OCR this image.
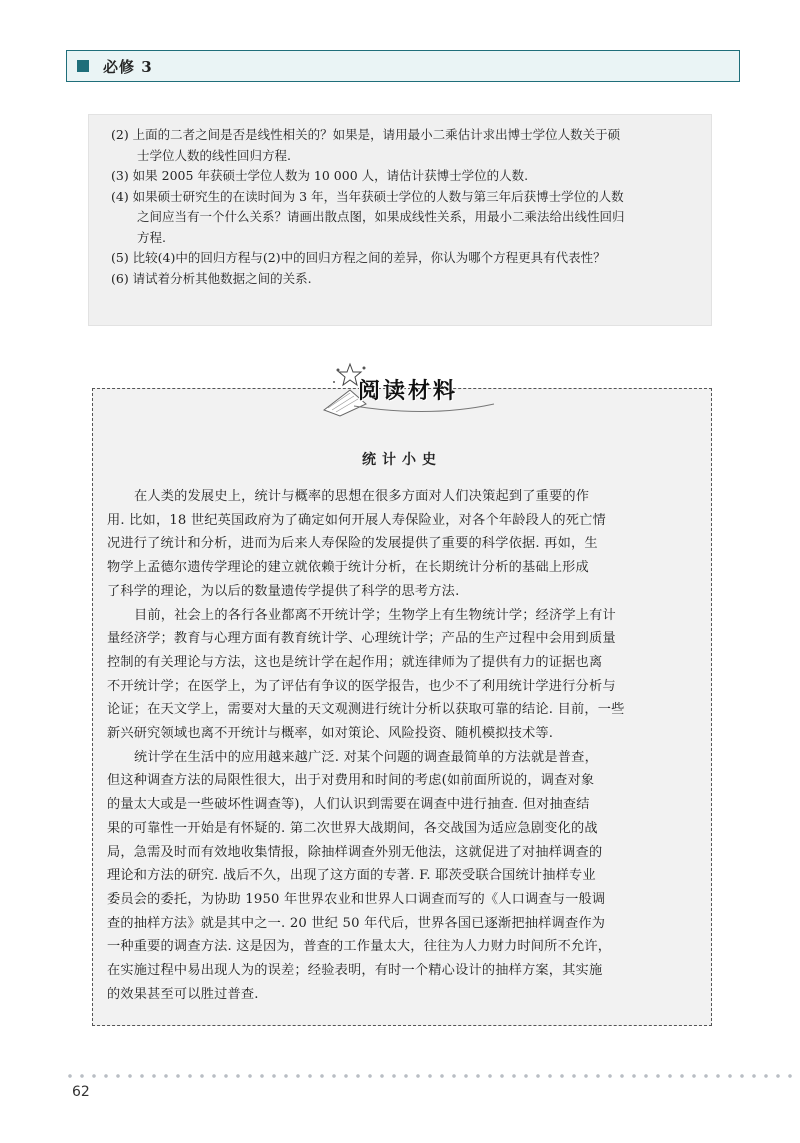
必修 3

(2) 上面的二者之间是否是线性相关的？如果是，请用最小二乘估计求出博士学位人数关于硕

士学位人数的线性回归方程.

(3) 如果 2005 年获硕士学位人数为 10 000 人，请估计获博士学位的人数.

(4) 如果硕士研究生的在读时间为 3 年，当年获硕士学位的人数与第三年后获博士学位的人数

之间应当有一个什么关系？请画出散点图，如果成线性关系，用最小二乘法给出线性回归

方程.

(5) 比较(4)中的回归方程与(2)中的回归方程之间的差异，你认为哪个方程更具有代表性？

(6) 请试着分析其他数据之间的关系.

统计小史

在人类的发展史上，统计与概率的思想在很多方面对人们决策起到了重要的作

用. 比如，18 世纪英国政府为了确定如何开展人寿保险业，对各个年龄段人的死亡情

况进行了统计和分析，进而为后来人寿保险的发展提供了重要的科学依据. 再如，生

物学上孟德尔遗传学理论的建立就依赖于统计分析，在长期统计分析的基础上形成

了科学的理论，为以后的数量遗传学提供了科学的思考方法.

目前，社会上的各行各业都离不开统计学；生物学上有生物统计学；经济学上有计

量经济学；教育与心理方面有教育统计学、心理统计学；产品的生产过程中会用到质量

控制的有关理论与方法，这也是统计学在起作用；就连律师为了提供有力的证据也离

不开统计学；在医学上，为了评估有争议的医学报告，也少不了利用统计学进行分析与

论证；在天文学上，需要对大量的天文观测进行统计分析以获取可靠的结论. 目前，一些

新兴研究领域也离不开统计与概率，如对策论、风险投资、随机模拟技术等.

统计学在生活中的应用越来越广泛. 对某个问题的调查最简单的方法就是普查，

但这种调查方法的局限性很大，出于对费用和时间的考虑(如前面所说的，调查对象

的量太大或是一些破坏性调查等)，人们认识到需要在调查中进行抽查. 但对抽查结

果的可靠性一开始是有怀疑的. 第二次世界大战期间，各交战国为适应急剧变化的战

局，急需及时而有效地收集情报，除抽样调查外别无他法，这就促进了对抽样调查的

理论和方法的研究. 战后不久，出现了这方面的专著. F. 耶茨受联合国统计抽样专业

委员会的委托，为协助 1950 年世界农业和世界人口调查而写的《人口调查与一般调

查的抽样方法》就是其中之一. 20 世纪 50 年代后，世界各国已逐渐把抽样调查作为

一种重要的调查方法. 这是因为，普查的工作量太大，往往为人力财力时间所不允许，

在实施过程中易出现人为的误差；经验表明，有时一个精心设计的抽样方案，其实施

的效果甚至可以胜过普查.

阅读材料
62
